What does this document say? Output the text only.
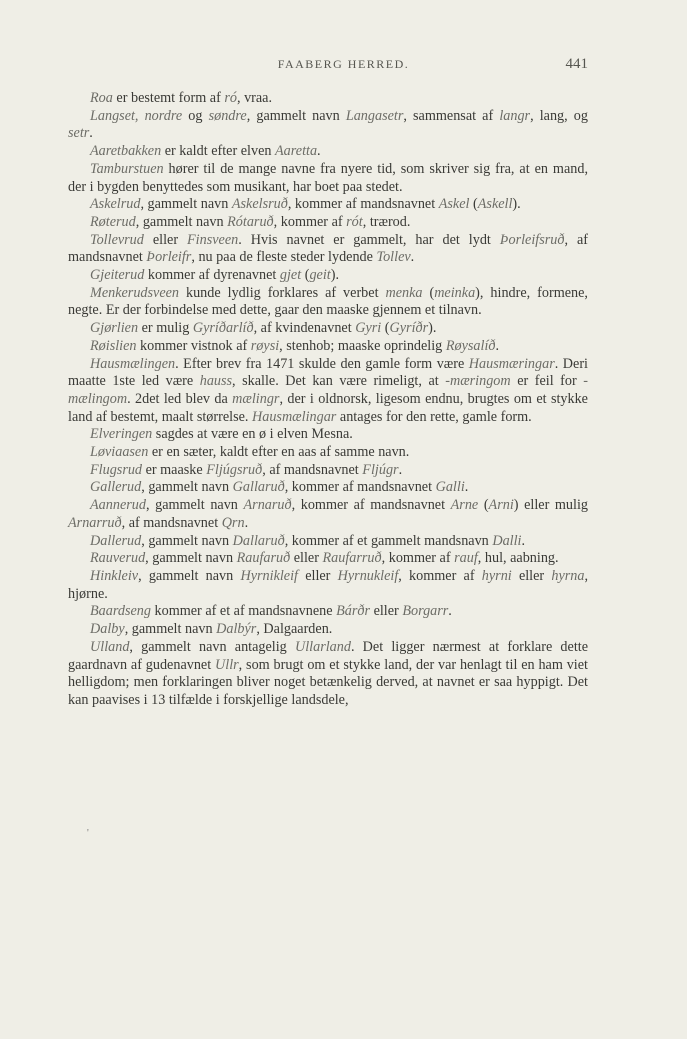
FAABERG HERRED.	441

Roa er bestemt form af ró, vraa.

Langset, nordre og søndre, gammelt navn Langasetr, sammensat af langr, lang, og setr.

Aaretbakken er kaldt efter elven Aaretta.

Tamburstuen hører til de mange navne fra nyere tid, som skriver sig fra, at en mand, der i bygden benyttedes som musikant, har boet paa stedet.

Askelrud, gammelt navn Askelsruð, kommer af mandsnavnet Askel (Askell).

Røterud, gammelt navn Rótaruð, kommer af rót, trærod.

Tollevrud eller Finsveen. Hvis navnet er gammelt, har det lydt Þorleifsruð, af mandsnavnet Þorleifr, nu paa de fleste steder lydende Tollev.

Gjeiterud kommer af dyrenavnet gjet (geit).

Menkerudsveen kunde lydlig forklares af verbet menka (meinka), hindre, formene, negte. Er der forbindelse med dette, gaar den maaske gjennem et tilnavn.

Gjørlien er mulig Gyríðarlíð, af kvindenavnet Gyri (Gyríðr).

Røislien kommer vistnok af røysi, stenhob; maaske oprindelig Røysalíð.

Hausmælingen. Efter brev fra 1471 skulde den gamle form være Hausmæringar. Deri maatte 1ste led være hauss, skalle. Det kan være rimeligt, at -mæringom er feil for -mælingom. 2det led blev da mælingr, der i oldnorsk, ligesom endnu, brugtes om et stykke land af bestemt, maalt størrelse. Hausmælingar antages for den rette, gamle form.

Elveringen sagdes at være en ø i elven Mesna.

Løviaasen er en sæter, kaldt efter en aas af samme navn.

Flugsrud er maaske Flјúgsruð, af mandsnavnet Flјúgr.

Gallerud, gammelt navn Gallaruð, kommer af mandsnavnet Galli.

Aannerud, gammelt navn Arnaruð, kommer af mandsnavnet Arne (Arni) eller mulig Arnarruð, af mandsnavnet Qrn.

Dallerud, gammelt navn Dallaruð, kommer af et gammelt mandsnavn Dalli.

Rauverud, gammelt navn Raufaruð eller Raufarruð, kommer af rauf, hul, aabning.

Hinkleiv, gammelt navn Hyrnikleif eller Hyrnukleif, kommer af hyrni eller hyrna, hjørne.

Baardseng kommer af et af mandsnavnene Bárðr eller Borgarr.

Dalby, gammelt navn Dalbýr, Dalgaarden.

Ulland, gammelt navn antagelig Ullarland. Det ligger nærmest at forklare dette gaardnavn af gudenavnet Ullr, som brugt om et stykke land, der var henlagt til en ham viet helligdom; men forklaringen bliver noget betænkelig derved, at navnet er saa hyppigt. Det kan paavises i 13 tilfælde i forskjellige landsdele,

'
